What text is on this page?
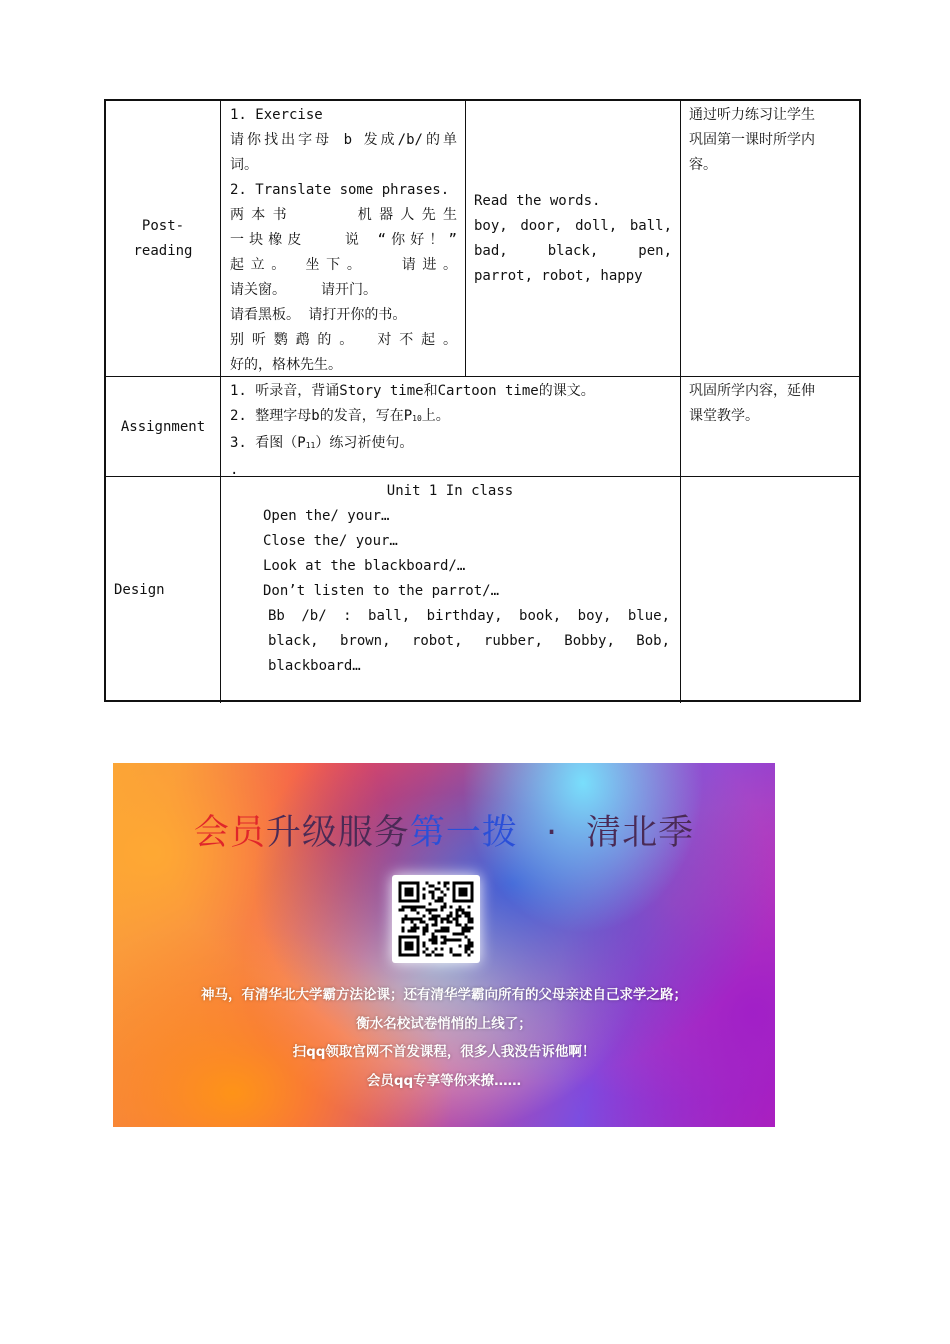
Post-
reading
1. Exercise
请你找出字母 b 发成/b/的单
词。
2. Translate some phrases.
两本书　　　机器人先生
一块橡皮　　说 “你好！”
起立。　坐下。　　请进。
请关窗。　　　请开门。
请看黑板。 请打开你的书。
别听鹦鹉的。 对不起。
好的，格林先生。
Read the words.
boy, door, doll, ball,
bad, black, pen,
parrot, robot, happy
通过听力练习让学生
巩固第一课时所学内
容。
Assignment
1. 听录音，背诵Story time和Cartoon time的课文。
2. 整理字母b的发音，写在$P_{10}$上。
3. 看图$(P_{11})$练习祈使句。
.
巩固所学内容，延伸
课堂教学。
Design
Unit 1 In class
Open the/ your…
Close the/ your…
Look at the blackboard/…
Don’t listen to the parrot/…
Bb /b/ : ball, birthday, book, boy, blue,
black, brown, robot, rubber, Bobby, Bob,
blackboard…
会员升级服务第一拨 · 清北季
神马，有清华北大学霸方法论课；还有清华学霸向所有的父母亲述自己求学之路；
衡水名校试卷悄悄的上线了；
扫qq领取官网不首发课程，很多人我没告诉他啊！
会员qq专享等你来撩……
